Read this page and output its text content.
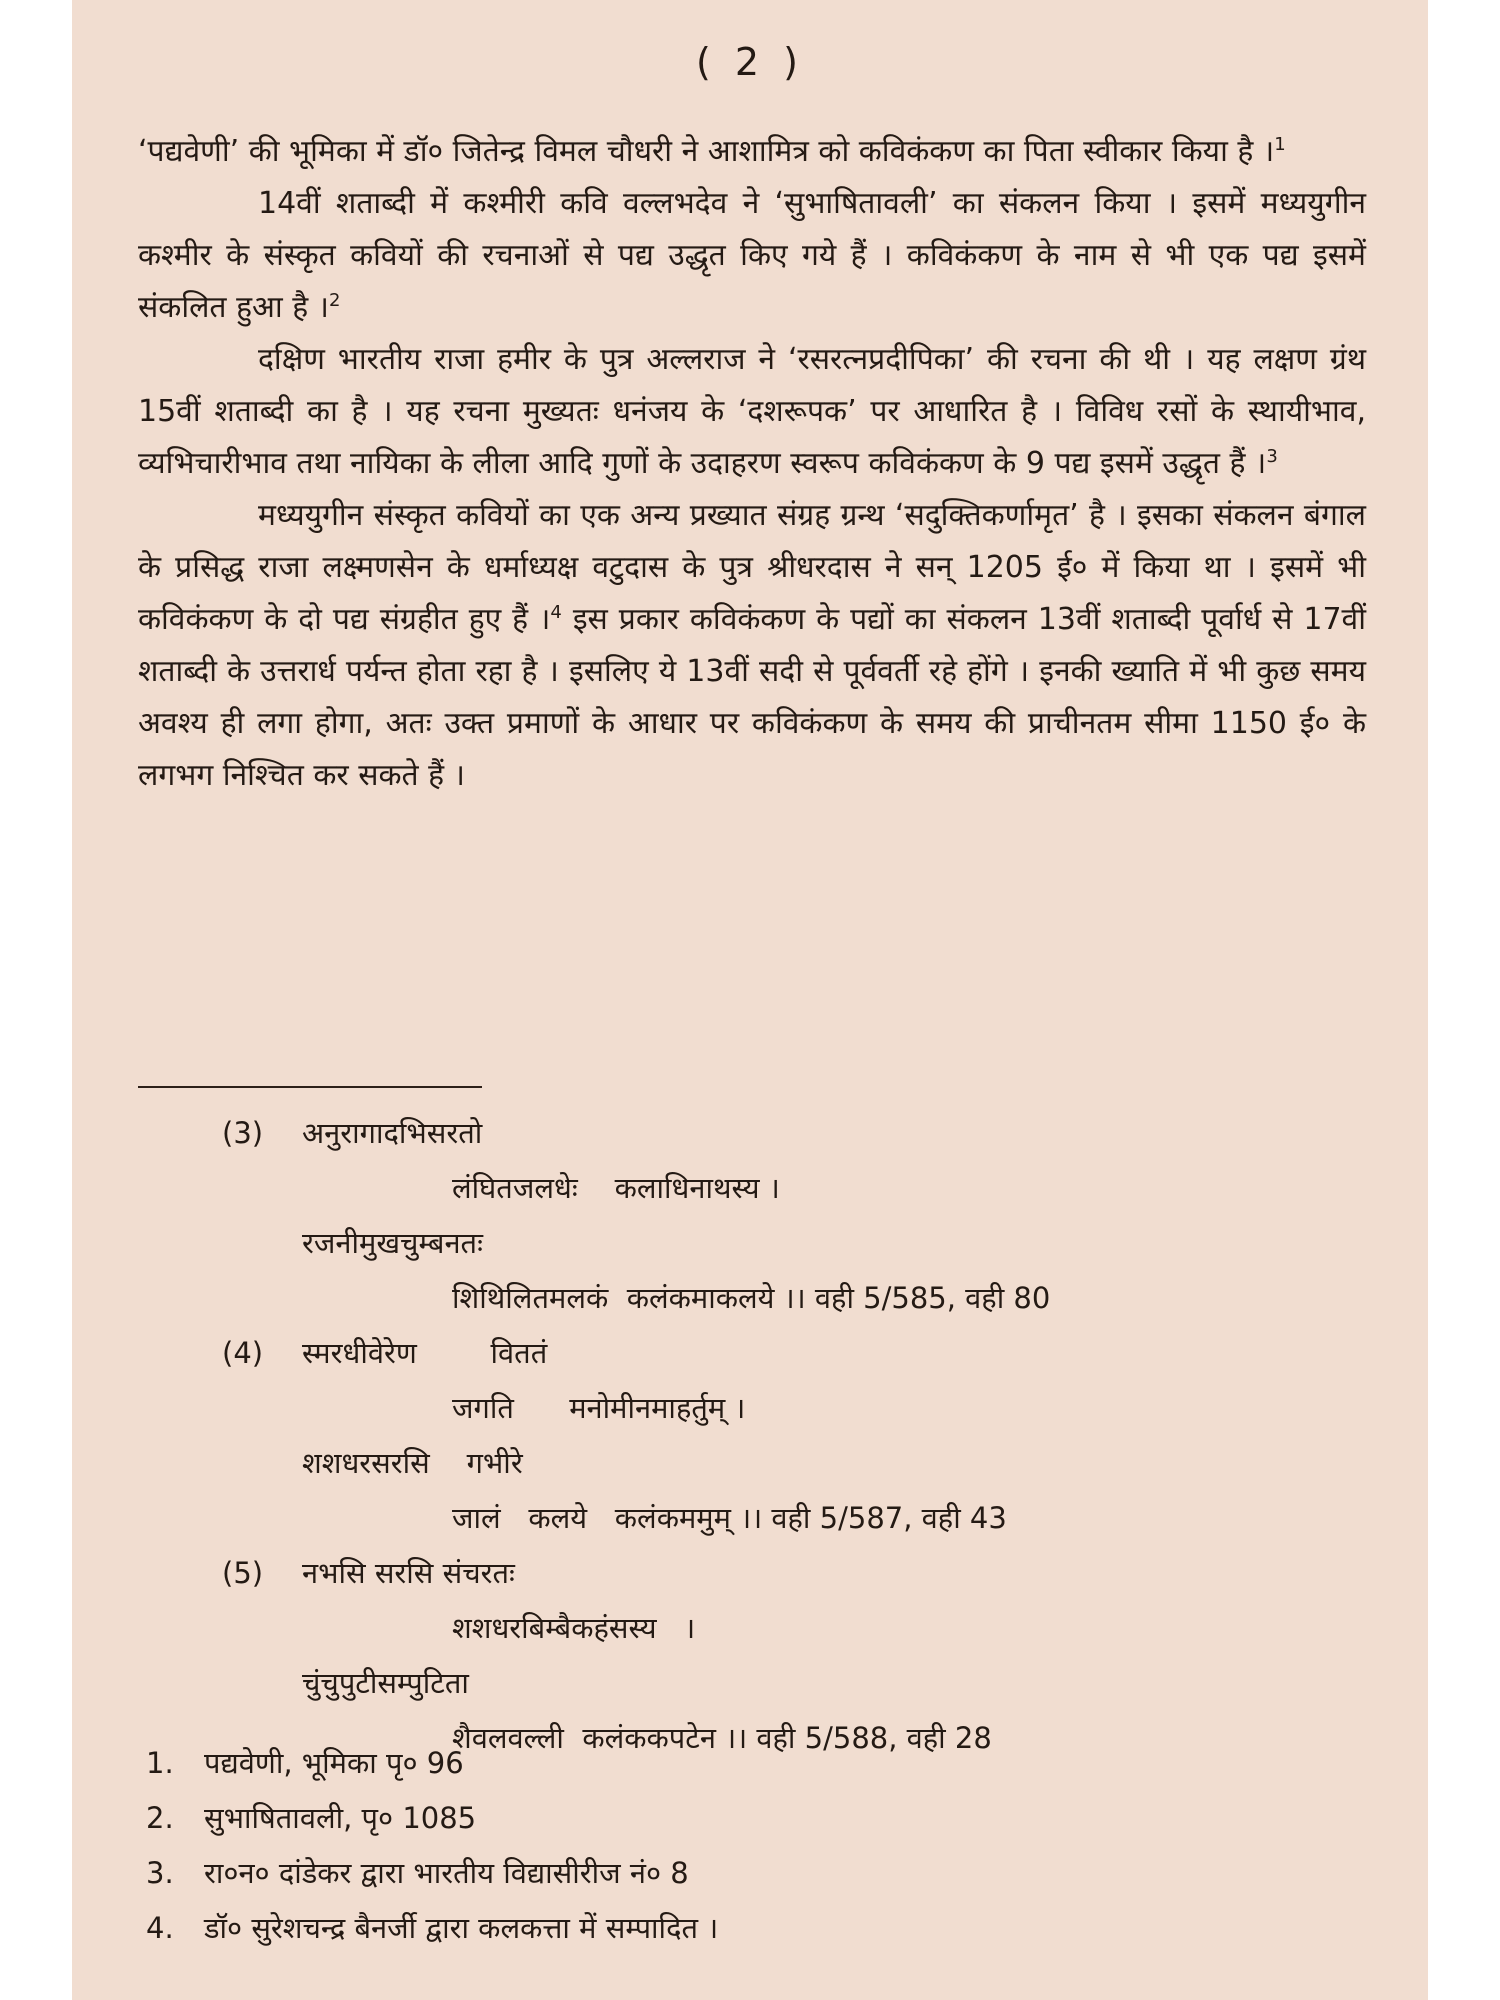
( 2 )

‘पद्यवेणी’ की भूमिका में डॉ० जितेन्द्र विमल चौधरी ने आशामित्र को कविकंकण का पिता स्वीकार किया है ।$^1$

14वीं शताब्दी में कश्मीरी कवि वल्लभदेव ने ‘सुभाषितावली’ का संकलन किया । इसमें मध्ययुगीन कश्मीर के संस्कृत कवियों की रचनाओं से पद्य उद्धृत किए गये हैं । कविकंकण के नाम से भी एक पद्य इसमें संकलित हुआ है ।$^2$

दक्षिण भारतीय राजा हमीर के पुत्र अल्लराज ने ‘रसरत्नप्रदीपिका’ की रचना की थी । यह लक्षण ग्रंथ 15वीं शताब्दी का है । यह रचना मुख्यतः धनंजय के ‘दशरूपक’ पर आधारित है । विविध रसों के स्थायीभाव, व्यभिचारीभाव तथा नायिका के लीला आदि गुणों के उदाहरण स्वरूप कविकंकण के 9 पद्य इसमें उद्धृत हैं ।$^3$

मध्ययुगीन संस्कृत कवियों का एक अन्य प्रख्यात संग्रह ग्रन्थ ‘सदुक्तिकर्णामृत’ है । इसका संकलन बंगाल के प्रसिद्ध राजा लक्ष्मणसेन के धर्माध्यक्ष वटुदास के पुत्र श्रीधरदास ने सन् 1205 ई० में किया था । इसमें भी कविकंकण के दो पद्य संग्रहीत हुए हैं ।$^4$ इस प्रकार कविकंकण के पद्यों का संकलन 13वीं शताब्दी पूर्वार्ध से 17वीं शताब्दी के उत्तरार्ध पर्यन्त होता रहा है । इसलिए ये 13वीं सदी से पूर्ववर्ती रहे होंगे । इनकी ख्याति में भी कुछ समय अवश्य ही लगा होगा, अतः उक्त प्रमाणों के आधार पर कविकंकण के समय की प्राचीनतम सीमा 1150 ई० के लगभग निश्चित कर सकते हैं ।

(3) अनुरागादभिसरतो
लंघितजलधेः    कलाधिनाथस्य ।
रजनीमुखचुम्बनतः
शिथिलितमलकं  कलंकमाकलये ।। वही 5/585, वही 80
(4) स्मरधीवेरेण        विततं
जगति      मनोमीनमाहर्तुम् ।
शशधरसरसि    गभीरे
जालं   कलये   कलंकममुम् ।। वही 5/587, वही 43
(5) नभसि सरसि संचरतः
शशधरबिम्बैकहंसस्य   ।
चुंचुपुटीसम्पुटिता
शैवलवल्ली  कलंककपटेन ।। वही 5/588, वही 28
1. पद्यवेणी, भूमिका पृ० 96
2. सुभाषितावली, पृ० 1085
3. रा०न० दांडेकर द्वारा भारतीय विद्यासीरीज नं० 8
4. डॉ० सुरेशचन्द्र बैनर्जी द्वारा कलकत्ता में सम्पादित ।
